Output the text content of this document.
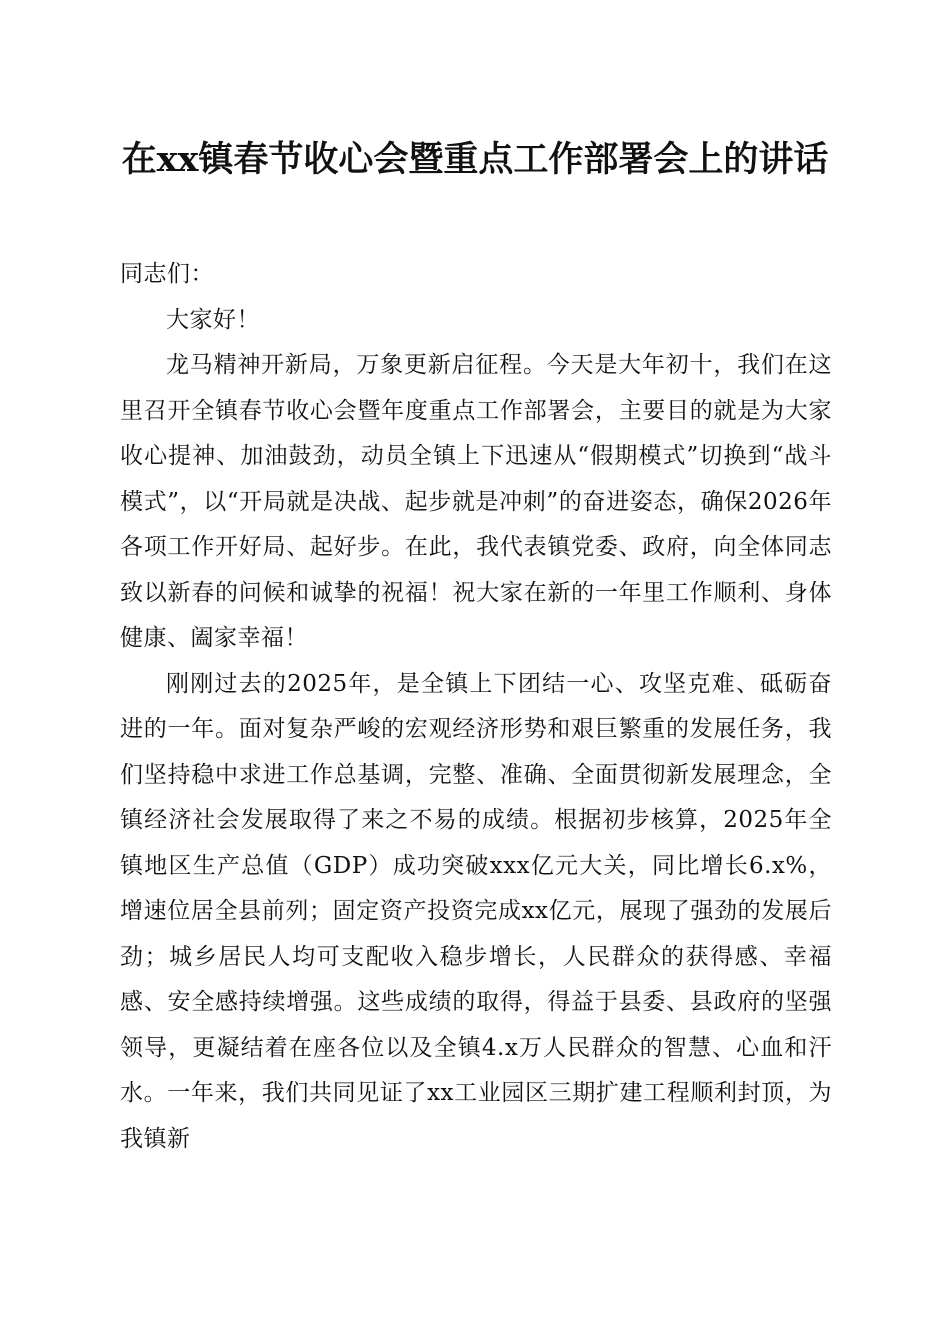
在xx镇春节收心会暨重点工作部署会上的讲话

同志们：

大家好！

龙马精神开新局，万象更新启征程。今天是大年初十，我们在这里召开全镇春节收心会暨年度重点工作部署会，主要目的就是为大家收心提神、加油鼓劲，动员全镇上下迅速从“假期模式”切换到“战斗模式”，以“开局就是决战、起步就是冲刺”的奋进姿态，确保2026年各项工作开好局、起好步。在此，我代表镇党委、政府，向全体同志致以新春的问候和诚挚的祝福！祝大家在新的一年里工作顺利、身体健康、阖家幸福！

刚刚过去的2025年，是全镇上下团结一心、攻坚克难、砥砺奋进的一年。面对复杂严峻的宏观经济形势和艰巨繁重的发展任务，我们坚持稳中求进工作总基调，完整、准确、全面贯彻新发展理念，全镇经济社会发展取得了来之不易的成绩。根据初步核算，2025年全镇地区生产总值（GDP）成功突破xxx亿元大关，同比增长6.x%，增速位居全县前列；固定资产投资完成xx亿元，展现了强劲的发展后劲；城乡居民人均可支配收入稳步增长，人民群众的获得感、幸福感、安全感持续增强。这些成绩的取得，得益于县委、县政府的坚强领导，更凝结着在座各位以及全镇4.x万人民群众的智慧、心血和汗水。一年来，我们共同见证了xx工业园区三期扩建工程顺利封顶，为我镇新
